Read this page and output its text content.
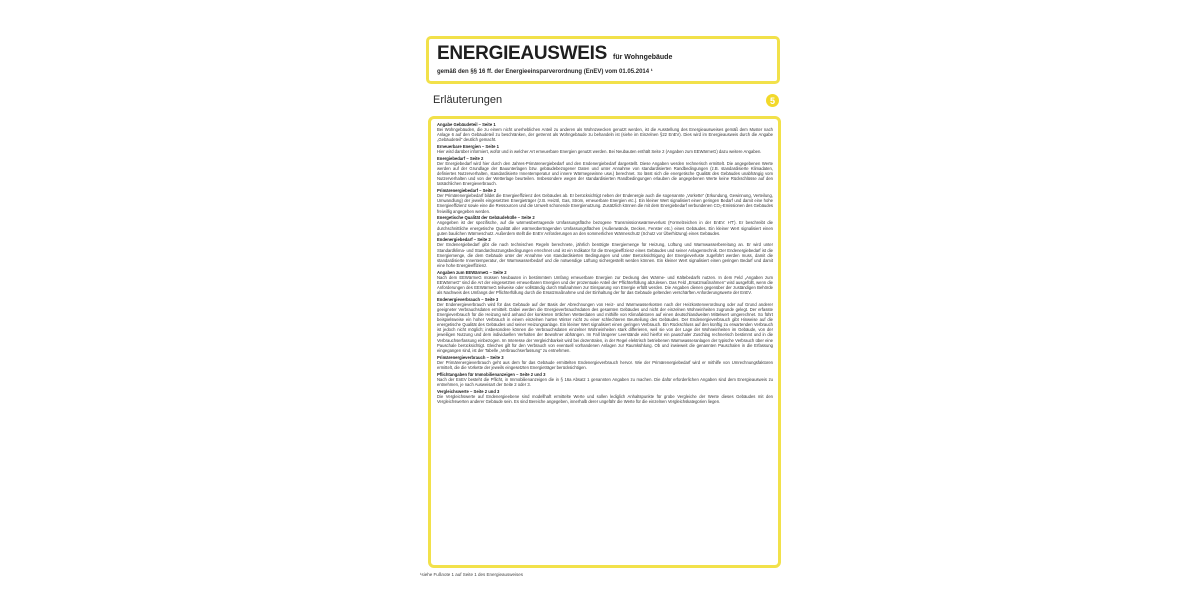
ENERGIEAUSWEIS für Wohngebäude
gemäß den §§ 16 ff. der Energieeinsparverordnung (EnEV) vom 01.05.2014 ¹
Erläuterungen	5
Angabe Gebäudeteil – Seite 1

Bei Wohngebäuden, die zu einem nicht unerheblichen Anteil zu anderen als Wohnzwecken genutzt werden, ist die Ausstellung des Energieausweises gemäß dem Muster nach Anlage 6 auf den Gebäudeteil zu beschränken, der getrennt als Wohngebäude zu behandeln ist (siehe im Einzelnen §22 EnEV). Dies wird im Energieausweis durch die Angabe „Gebäudeteil“ deutlich gemacht.

Erneuerbare Energien – Seite 1

Hier wird darüber informiert, wofür und in welcher Art erneuerbare Energien genutzt werden. Bei Neubauten enthält Seite 2 (Angaben zum EEWärmeG) dazu weitere Angaben.

Energiebedarf – Seite 2

Der Energiebedarf wird hier durch den Jahres-Primärenergiebedarf und den Endenergiebedarf dargestellt. Diese Angaben werden rechnerisch ermittelt. Die angegebenen Werte werden auf der Grundlage der Bauunterlagen bzw. gebäudebezogener Daten und unter Annahme von standardisierten Randbedingungen (z.B. standardisierte Klimadaten, definiertes Nutzerverhalten, standardisierte Innentemperatur und innere Wärmegewinne usw.) berechnet. So lässt sich die energetische Qualität des Gebäudes unabhängig vom Nutzerverhalten und von der Wetterlage beurteilen. Insbesondere wegen der standardisierten Randbedingungen erlauben die angegebenen Werte keine Rückschlüsse auf den tatsächlichen Energieverbrauch.

Primärenergiebedarf – Seite 2

Der Primärenergiebedarf bildet die Energieeffizienz des Gebäudes ab. Er berücksichtigt neben der Endenergie auch die sogenannte „Vorkette“ (Erkundung, Gewinnung, Verteilung, Umwandlung) der jeweils eingesetzten Energieträger (z.B. Heizöl, Gas, Strom, erneuerbare Energien etc.). Ein kleiner Wert signalisiert einen geringen Bedarf und damit eine hohe Energieeffizienz sowie eine die Ressourcen und die Umwelt schonende Energienutzung. Zusätzlich können die mit dem Energiebedarf verbundenen CO₂-Emissionen des Gebäudes freiwillig angegeben werden.

Energetische Qualität der Gebäudehülle – Seite 2

Angegeben ist der spezifische, auf die wärmeübertragende Umfassungsfläche bezogene Transmissionswärmeverlust (Formelzeichen in der EnEV: H′T). Er beschreibt die durchschnittliche energetische Qualität aller wärmeübertragenden Umfassungsflächen (Außenwände, Decken, Fenster etc.) eines Gebäudes. Ein kleiner Wert signalisiert einen guten baulichen Wärmeschutz. Außerdem stellt die EnEV Anforderungen an den sommerlichen Wärmeschutz (Schutz vor Überhitzung) eines Gebäudes.

Endenergiebedarf – Seite 2

Der Endenergiebedarf gibt die nach technischen Regeln berechnete, jährlich benötigte Energiemenge für Heizung, Lüftung und Warmwasserbereitung an. Er wird unter Standardklima- und Standardnutzungsbedingungen errechnet und ist ein Indikator für die Energieeffizienz eines Gebäudes und seiner Anlagentechnik. Der Endenergiebedarf ist die Energiemenge, die dem Gebäude unter der Annahme von standardisierten Bedingungen und unter Berücksichtigung der Energieverluste zugeführt werden muss, damit die standardisierte Innentemperatur, der Warmwasserbedarf und die notwendige Lüftung sichergestellt werden können. Ein kleiner Wert signalisiert einen geringen Bedarf und damit eine hohe Energieeffizienz.

Angaben zum EEWärmeG – Seite 2

Nach dem EEWärmeG müssen Neubauten in bestimmtem Umfang erneuerbare Energien zur Deckung des Wärme- und Kältebedarfs nutzen. In dem Feld „Angaben zum EEWärmeG“ sind die Art der eingesetzten erneuerbaren Energien und der prozentuale Anteil der Pflichterfüllung abzulesen. Das Feld „Ersatzmaßnahmen“ wird ausgefüllt, wenn die Anforderungen des EEWärmeG teilweise oder vollständig durch Maßnahmen zur Einsparung von Energie erfüllt werden. Die Angaben dienen gegenüber der zuständigen Behörde als Nachweis des Umfangs der Pflichterfüllung durch die Ersatzmaßnahme und der Einhaltung der für das Gebäude geltenden verschärften Anforderungswerte der EnEV.

Endenergieverbrauch – Seite 3

Der Endenergieverbrauch wird für das Gebäude auf der Basis der Abrechnungen von Heiz- und Warmwasserkosten nach der Heizkostenverordnung oder auf Grund anderer geeigneter Verbrauchsdaten ermittelt. Dabei werden die Energieverbrauchsdaten des gesamten Gebäudes und nicht der einzelnen Wohneinheiten zugrunde gelegt. Der erfasste Energieverbrauch für die Heizung wird anhand der konkreten örtlichen Wetterdaten und mithilfe von Klimafaktoren auf einen deutschlandweiten Mittelwert umgerechnet. So führt beispielsweise ein hoher Verbrauch in einem einzelnen harten Winter nicht zu einer schlechteren Beurteilung des Gebäudes. Der Endenergieverbrauch gibt Hinweise auf die energetische Qualität des Gebäudes und seiner Heizungsanlage. Ein kleiner Wert signalisiert einen geringen Verbrauch. Ein Rückschluss auf den künftig zu erwartenden Verbrauch ist jedoch nicht möglich; insbesondere können die Verbrauchsdaten einzelner Wohneinheiten stark differieren, weil sie von der Lage der Wohneinheiten im Gebäude, von der jeweiligen Nutzung und dem individuellen Verhalten der Bewohner abhängen. Im Fall längerer Leerstände wird hierfür ein pauschaler Zuschlag rechnerisch bestimmt und in die Verbrauchserfassung einbezogen. Im Interesse der Vergleichbarkeit wird bei dezentralen, in der Regel elektrisch betriebenen Warmwasseranlagen der typische Verbrauch über eine Pauschale berücksichtigt. Gleiches gilt für den Verbrauch von eventuell vorhandenen Anlagen zur Raumkühlung. Ob und inwieweit die genannten Pauschalen in die Erfassung eingegangen sind, ist der Tabelle „Verbrauchserfassung“ zu entnehmen.

Primärenergieverbrauch – Seite 3

Der Primärenergieverbrauch geht aus dem für das Gebäude ermittelten Endenergieverbrauch hervor. Wie der Primärenergiebedarf wird er mithilfe von Umrechnungsfaktoren ermittelt, die die Vorkette der jeweils eingesetzten Energieträger berücksichtigen.

Pflichtangaben für Immobilienanzeigen – Seite 2 und 3

Nach der EnEV besteht die Pflicht, in Immobilienanzeigen die in § 16a Absatz 1 genannten Angaben zu machen. Die dafür erforderlichen Angaben sind dem Energieausweis zu entnehmen, je nach Ausweisart der Seite 2 oder 3.

Vergleichswerte – Seite 2 und 3

Die Vergleichswerte auf Endenergieebene sind modellhaft ermittelte Werte und sollen lediglich Anhaltspunkte für grobe Vergleiche der Werte dieses Gebäudes mit den Vergleichswerten anderer Gebäude sein. Es sind Bereiche angegeben, innerhalb derer ungefähr die Werte für die einzelnen Vergleichskategorien liegen.

¹siehe Fußnote 1 auf Seite 1 des Energieausweises
